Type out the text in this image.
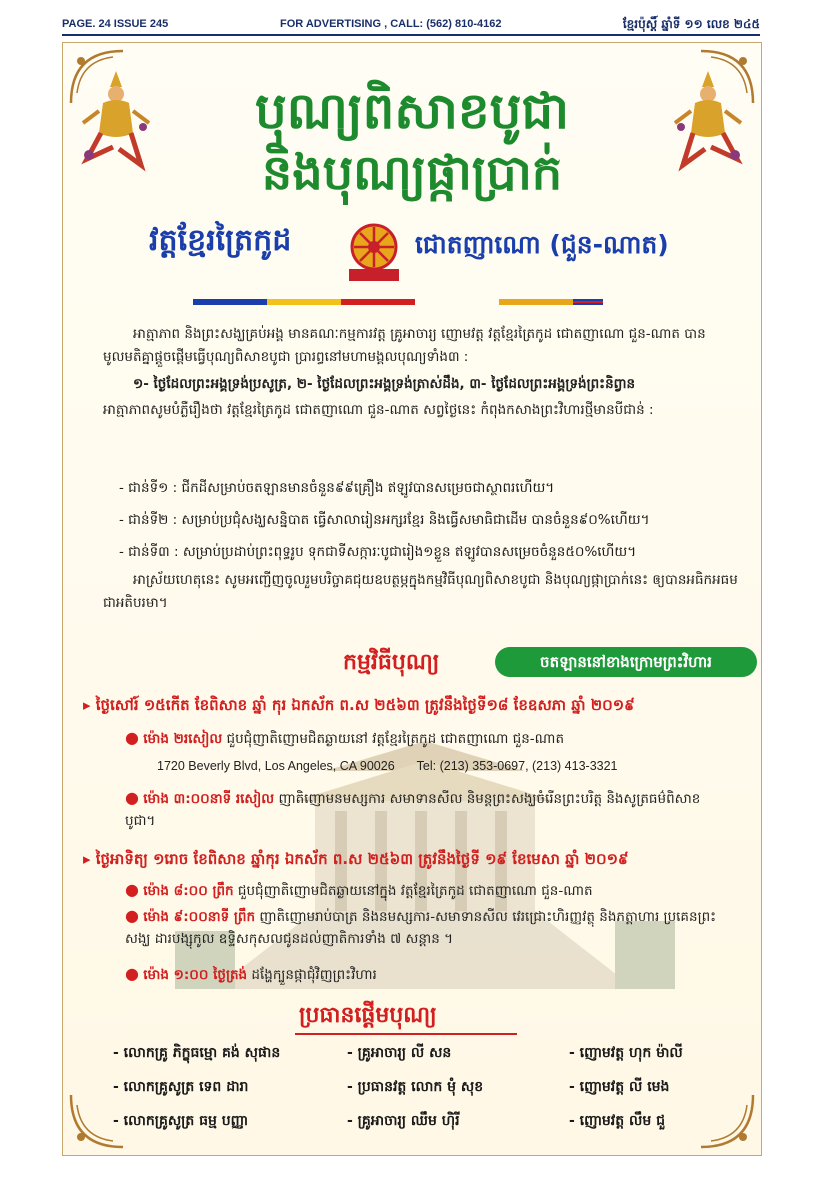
PAGE. 24 ISSUE 245	FOR ADVERTISING , CALL: (562) 810-4162	ខ្មែរប៉ុស្ដិ៍ ឆ្នាំទី ១១ លេខ ២៤៥
បុណ្យពិសាខបូជា
និងបុណ្យផ្កាប្រាក់
វត្តខ្មែរត្រៃកូដ	ជោតញាណោ (ជួន-ណាត)
អាត្មាភាព និងព្រះសង្ឃគ្រប់អង្គ មានគណៈកម្មការវត្ត គ្រូអាចារ្យ ញោមវត្ត វត្តខ្មែរត្រៃកូដ ជោតញាណោ ជួន-ណាត បានមូលមតិគ្នាផ្ដួចផ្ដើមធ្វើបុណ្យពិសាខបូជា ប្រារព្ធនៅមហាមង្គលបុណ្យទាំង៣ :
១- ថ្ងៃដែលព្រះអង្គទ្រង់ប្រសូត្រ, ២- ថ្ងៃដែលព្រះអង្គទ្រង់ត្រាស់ដឹង, ៣- ថ្ងៃដែលព្រះអង្គទ្រង់ព្រះនិព្វាន
អាត្មាភាពសូមបំភ្លឺរឿងថា វត្តខ្មែរត្រៃកូដ ជោតញាណោ ជួន-ណាត សព្វថ្ងៃនេះ កំពុងកសាងព្រះវិហារថ្មីមានបីជាន់ :
- ជាន់ទី១ : ជីកដីសម្រាប់ចតឡានមានចំនួន៩៩គ្រឿង ឥឡូវបានសម្រេចជាស្ថាពរហើយ។
- ជាន់ទី២ : សម្រាប់ប្រជុំសង្ឃសន្និបាត ធ្វើសាលារៀនអក្សរខ្មែរ និងធ្វើសមាធិជាដើម បានចំនួន៩០%ហើយ។
- ជាន់ទី៣ : សម្រាប់ប្រដាប់ព្រះពុទ្ធរូប ទុកជាទីសក្ការៈបូជារៀង១ខ្លួន ឥឡូវបានសម្រេចចំនួន៥០%ហើយ។
អាស្រ័យហេតុនេះ សូមអញ្ជើញចូលរួមបរិច្ចាគជុយឧបត្ថម្ភក្នុងកម្មវិធីបុណ្យពិសាខបូជា និងបុណ្យផ្កាប្រាក់នេះ ឲ្យបានអធិកអធម ជាអតិបរមា។
កម្មវិធីបុណ្យ	ចតឡាននៅខាងក្រោមព្រះវិហារ
▸ ថ្ងៃសៅរ៍ ១៥កើត ខែពិសាខ ឆ្នាំ កុរ ឯកស័ក ព.ស ២៥៦៣ ត្រូវនឹងថ្ងៃទី១៨ ខែឧសភា ឆ្នាំ ២០១៩
● ម៉ោង ២រសៀល ជួបជុំញាតិញោមជិតឆ្ងាយនៅ វត្តខ្មែរត្រៃកូដ ជោតញាណោ ជួន-ណាត
1720 Beverly Blvd, Los Angeles, CA 90026 Tel: (213) 353-0697, (213) 413-3321
● ម៉ោង ៣:០០នាទី រសៀល ញាតិញោមនមស្សការ សមាទានសីល និមន្តព្រះសង្ឃចំរើនព្រះបរិត្ត និងសូត្រធម៌ពិសាខបូជា។
▸ ថ្ងៃអាទិត្យ ១រោច ខែពិសាខ ឆ្នាំកុរ ឯកស័ក ព.ស ២៥៦៣ ត្រូវនឹងថ្ងៃទី ១៩ ខែមេសា ឆ្នាំ ២០១៩
● ម៉ោង ៨:០០ ព្រឹក ជួបជុំញាតិញោមជិតឆ្ងាយនៅក្នុង វត្តខ្មែរត្រៃកូដ ជោតញាណោ ជួន-ណាត
● ម៉ោង ៩:០០នាទី ព្រឹក ញាតិញោមរាប់បាត្រ និងនមស្សការ-សមាទានសីល វេរជ្រោះហិរញ្ញវត្ថុ និងភត្តាហារ ប្រគេនព្រះសង្ឃ ដារបង្សុកូល ឧទ្ទិសកុសលជូនដល់ញាតិការទាំង ៧ សន្តាន ។
● ម៉ោង ១:០០ ថ្ងៃត្រង់ ដង្ហែក្បួនផ្កាជុំវិញព្រះវិហារ
ប្រធានផ្តើមបុណ្យ
- លោកគ្រូ ភិក្ខុធម្មោ គង់ សុផាន	- គ្រូអាចារ្យ លី សន	- ញោមវត្ត ហុក ម៉ាលី
- លោកគ្រូសូត្រ ទេព ដារា	- ប្រធានវត្ត លោក មុំ សុខ	- ញោមវត្ត លី មេង
- លោកគ្រូសូត្រ ធម្ម បញ្ញា	- គ្រូអាចារ្យ ឈឹម ហ៊ិរី	- ញោមវត្ត លឹម ជួ
